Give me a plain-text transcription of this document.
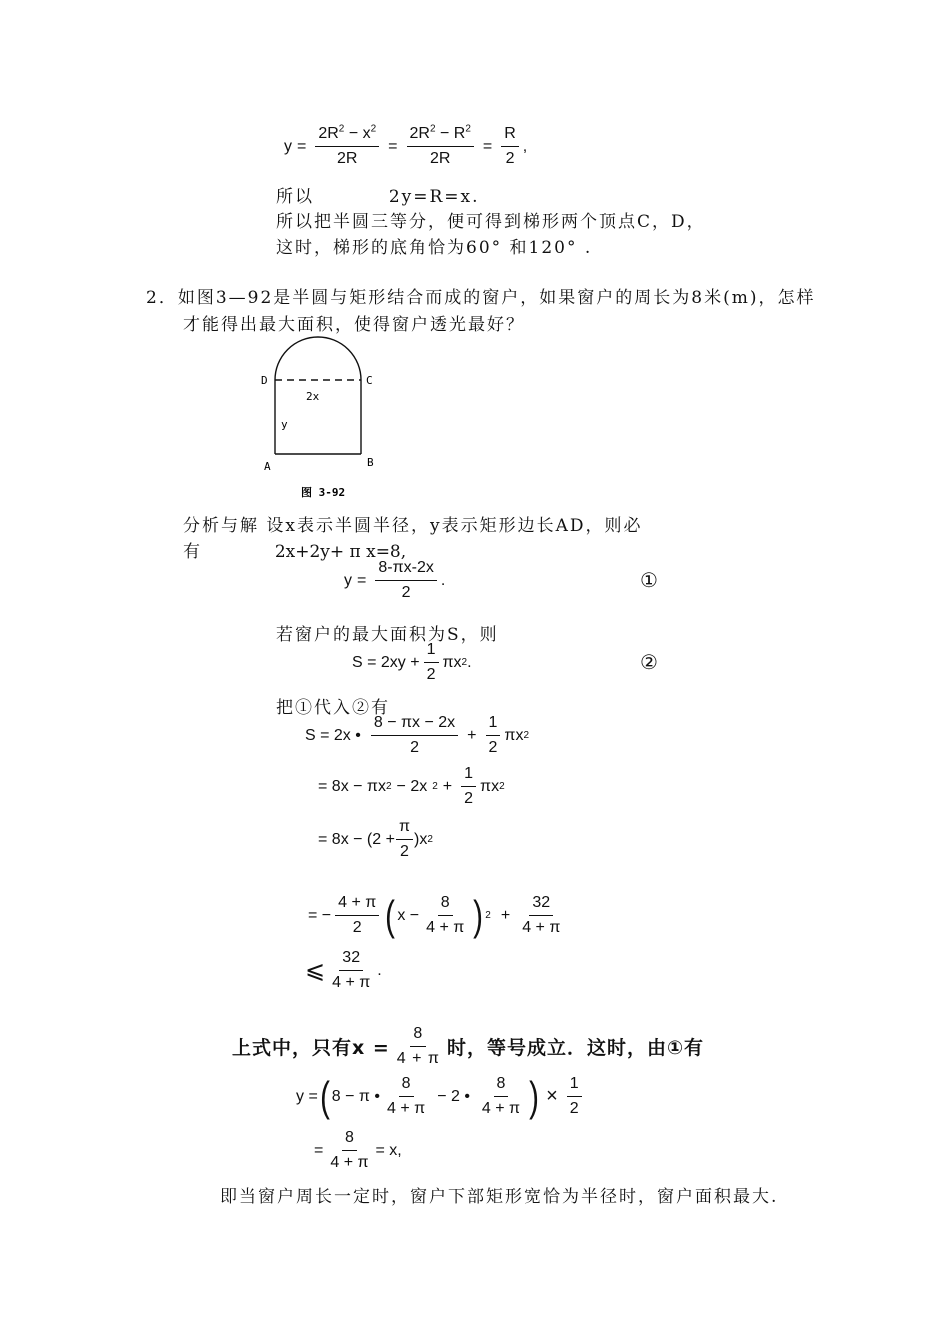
$y = \frac{2R^2 - x^2}{2R} = \frac{2R^2 - R^2}{2R} = \frac{R}{2}$ ,
所以	2y=R=x.
所以把半圆三等分，便可得到梯形两个顶点C，D，
这时，梯形的底角恰为60° 和120° .
2．如图3—92是半圆与矩形结合而成的窗户，如果窗户的周长为8米(m)，怎样
才能得出最大面积，使得窗户透光最好？
D	C
2x
y
A	B
图 3-92
分析与解 设x表示半圆半径，y表示矩形边长AD，则必
有	2x+2y+ π x=8,
$y = \frac{8-\pi x-2x}{2}$ .	①
若窗户的最大面积为S，则
$S = 2xy + \frac{1}{2}$ πx 2 .	②
把①代入②有
S = 2x • $\frac{8 - \pi x - 2x}{2} + \frac{1}{2}$ πx 2
= 8x − πx 2 − 2x $2 + \frac{1}{2}$ πx 2
= $8x - (2 + \frac{\pi}{2} )x$ 2
= − $\frac{4 + \pi}{2}$ ( $x - \frac{8}{4 + \pi}$ ) $2 + \frac{32}{4 + \pi}$
⩽ $\frac{32}{4 + \pi}$ .
上式中，只有$x = \frac{8}{4 + \pi}$ 时，等号成立．这时，由①有
y = ( 8 − π • $\frac{8}{4 + \pi} - 2$ • $\frac{8}{4 + \pi}$ ) × $\frac{1}{2}$
= $\frac{8}{4 + \pi} = x$,
即当窗户周长一定时，窗户下部矩形宽恰为半径时，窗户面积最大.
